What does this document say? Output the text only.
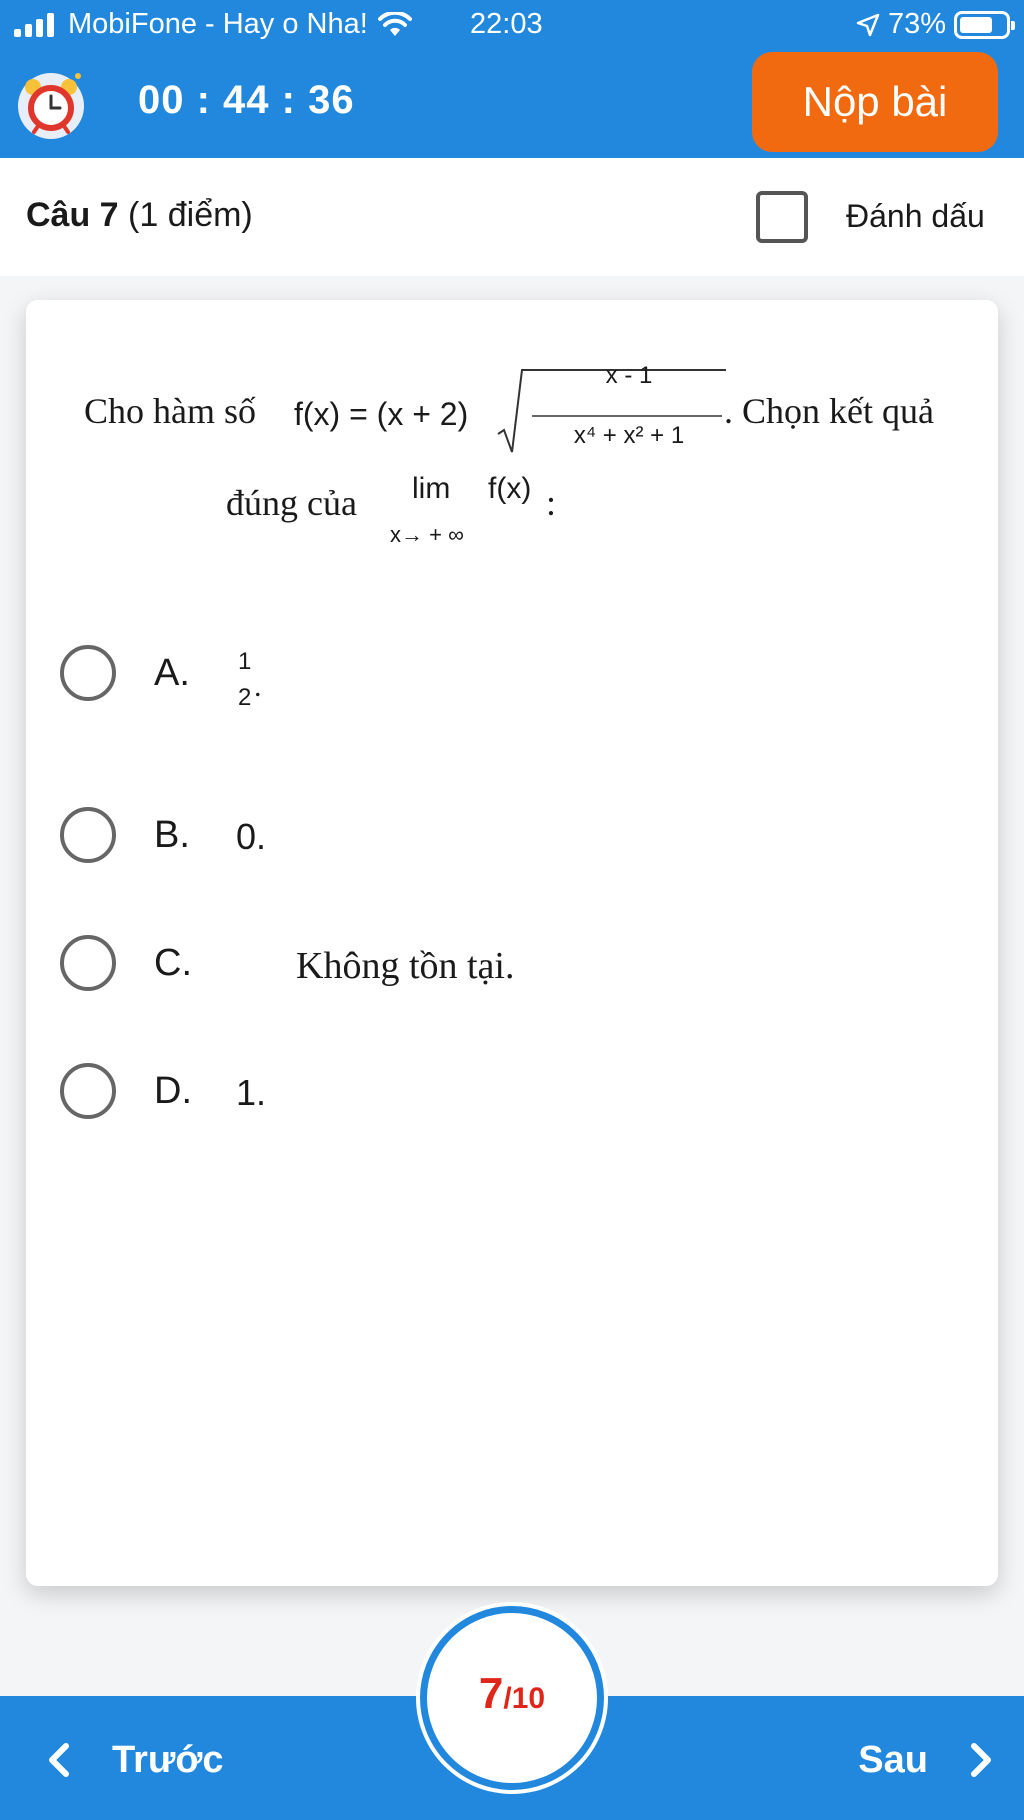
MobiFone - Hay o Nha!	22:03	73%
00 : 44 : 36	Nộp bài
Câu 7 (1 điểm)	Đánh dấu
Cho hàm số f(x) = (x + 2)
x - 1
x⁴ + x² + 1
. Chọn kết quả
đúng của lim
x→ + ∞
f(x) :
A. 1
2 .
B. 0.
C.	Không tồn tại.
D. 1.
Trước	Sau
7/10
